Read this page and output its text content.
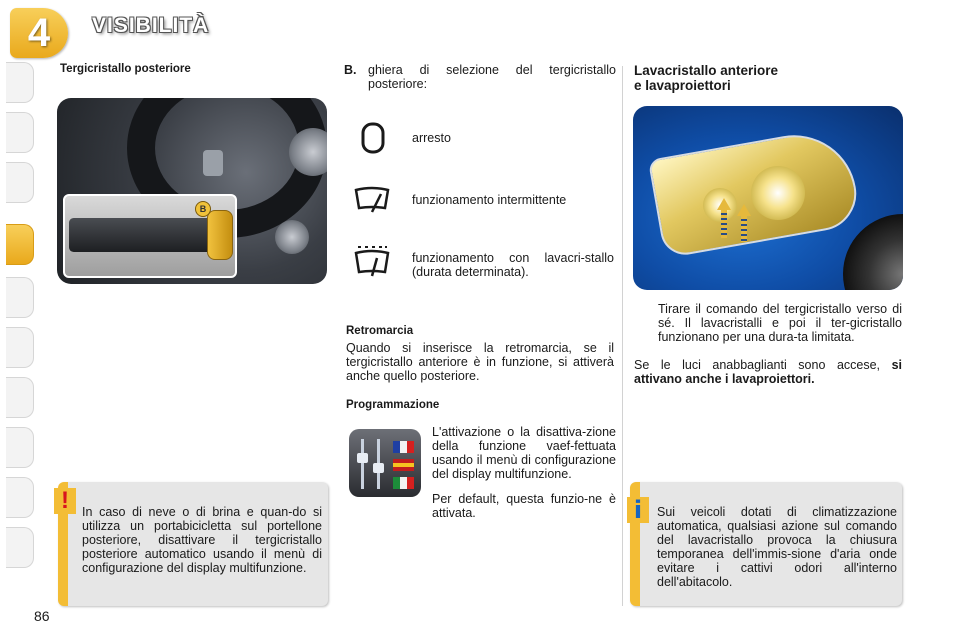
4	VISIBILITÀ
Tergicristallo posteriore
B
!	In caso di neve o di brina e quan-do si utilizza un portabicicletta sul portellone posteriore, disattivare il tergicristallo posteriore automatico usando il menù di configurazione del display multifunzione.
86
B. ghiera di selezione del tergicristallo posteriore:
arresto
funzionamento intermittente
funzionamento con lavacri-stallo (durata determinata).
Retromarcia
Quando si inserisce la retromarcia, se il tergicristallo anteriore è in funzione, si attiverà anche quello posteriore.
Programmazione
L'attivazione o la disattiva-zione della funzione vaef-fettuata usando il menù di configurazione del display multifunzione.
Per default, questa funzio-ne è attivata.
Lavacristallo anteriore
e lavaproiettori
Tirare il comando del tergicristallo verso di sé. Il lavacristalli e poi il ter-gicristallo funzionano per una dura-ta limitata.
Se le luci anabbaglianti sono accese, si attivano anche i lavaproiettori.
i	Sui veicoli dotati di climatizzazione automatica, qualsiasi azione sul comando del lavacristallo provoca la chiusura temporanea dell'immis-sione d'aria onde evitare i cattivi odori all'interno dell'abitacolo.
